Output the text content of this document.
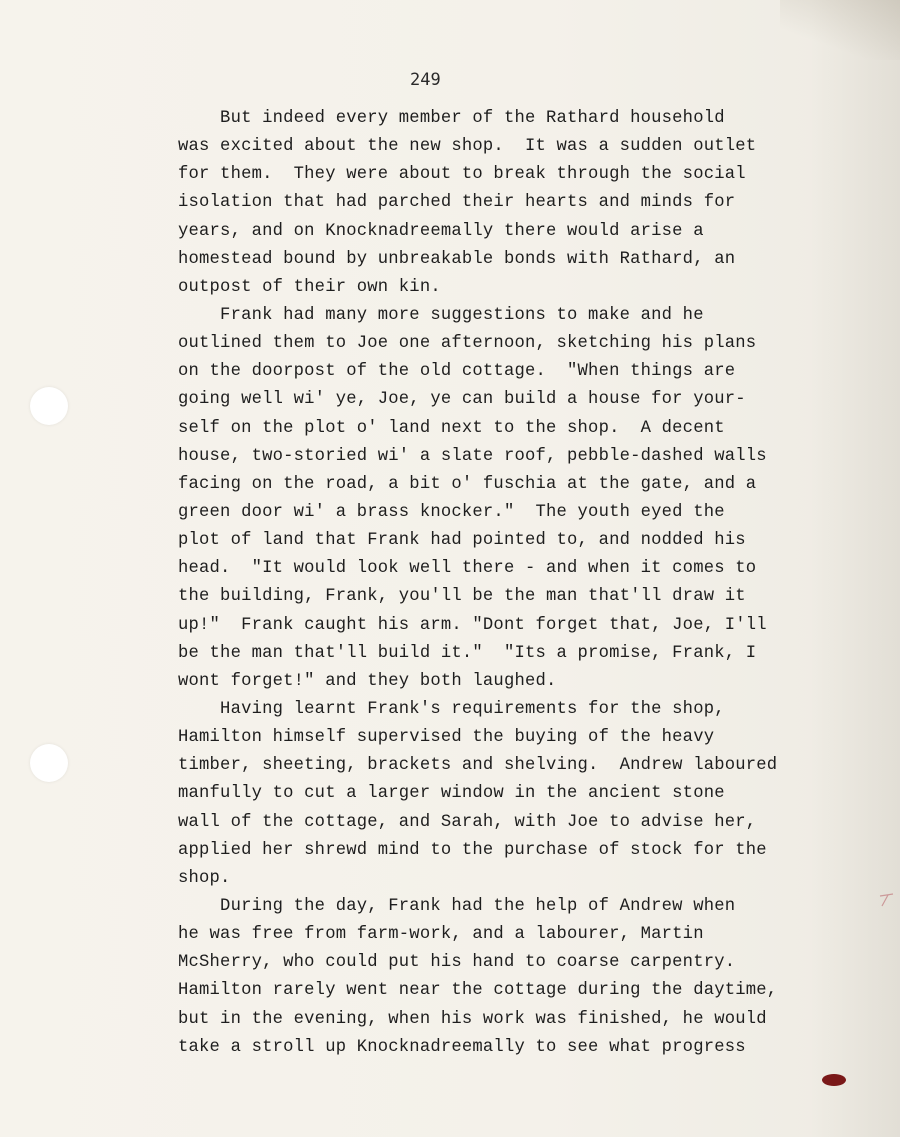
249
But indeed every member of the Rathard household
was excited about the new shop.  It was a sudden outlet
for them.  They were about to break through the social
isolation that had parched their hearts and minds for
years, and on Knocknadreemally there would arise a
homestead bound by unbreakable bonds with Rathard, an
outpost of their own kin.
Frank had many more suggestions to make and he
outlined them to Joe one afternoon, sketching his plans
on the doorpost of the old cottage.  "When things are
going well wi' ye, Joe, ye can build a house for your-
self on the plot o' land next to the shop.  A decent
house, two-storied wi' a slate roof, pebble-dashed walls
facing on the road, a bit o' fuschia at the gate, and a
green door wi' a brass knocker."  The youth eyed the
plot of land that Frank had pointed to, and nodded his
head.  "It would look well there - and when it comes to
the building, Frank, you'll be the man that'll draw it
up!"  Frank caught his arm. "Dont forget that, Joe, I'll
be the man that'll build it."  "Its a promise, Frank, I
wont forget!" and they both laughed.
Having learnt Frank's requirements for the shop,
Hamilton himself supervised the buying of the heavy
timber, sheeting, brackets and shelving.  Andrew laboured
manfully to cut a larger window in the ancient stone
wall of the cottage, and Sarah, with Joe to advise her,
applied her shrewd mind to the purchase of stock for the
shop.
During the day, Frank had the help of Andrew when
he was free from farm-work, and a labourer, Martin
McSherry, who could put his hand to coarse carpentry.
Hamilton rarely went near the cottage during the daytime,
but in the evening, when his work was finished, he would
take a stroll up Knocknadreemally to see what progress
